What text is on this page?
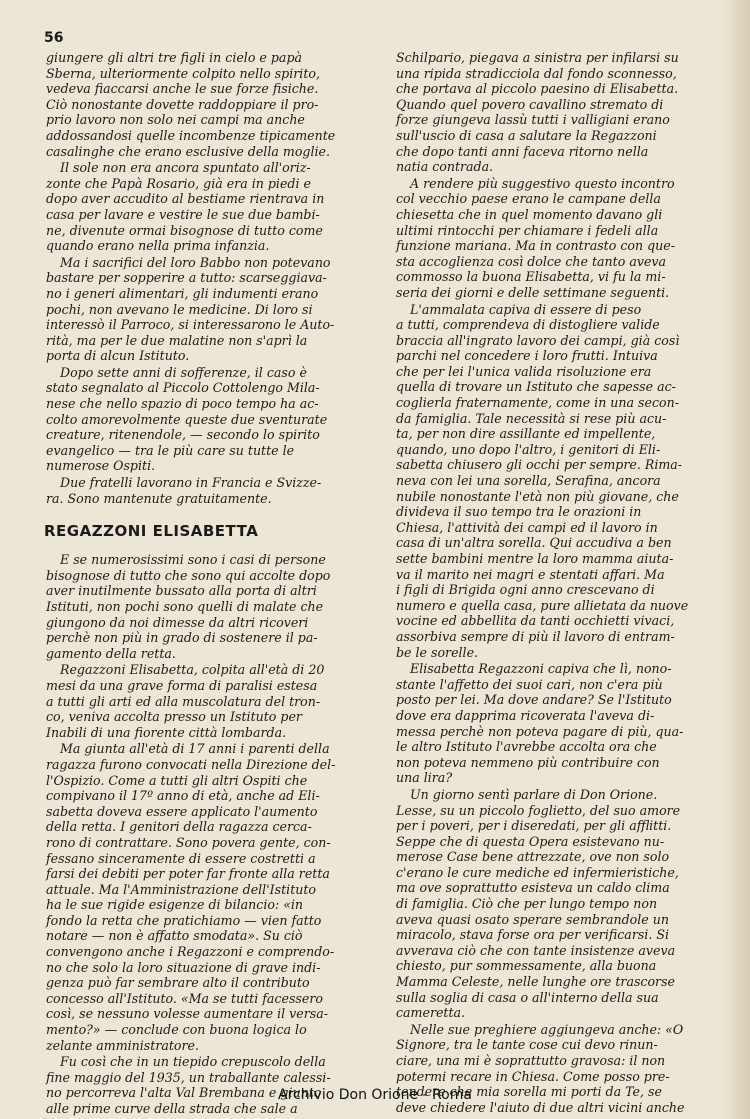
56

giungere gli altri tre figli in cielo e papà
Sberna, ulteriormente colpito nello spirito,
vedeva fiaccarsi anche le sue forze fisiche.
Ciò nonostante dovette raddoppiare il pro-
prio lavoro non solo nei campi ma anche
addossandosi quelle incombenze tipicamente
casalinghe che erano esclusive della moglie.

Il sole non era ancora spuntato all'oriz-
zonte che Papà Rosario, già era in piedi e
dopo aver accudito al bestiame rientrava in
casa per lavare e vestire le sue due bambi-
ne, divenute ormai bisognose di tutto come
quando erano nella prima infanzia.

Ma i sacrifici del loro Babbo non potevano
bastare per sopperire a tutto: scarseggiava-
no i generi alimentari, gli indumenti erano
pochi, non avevano le medicine. Di loro si
interessò il Parroco, si interessarono le Auto-
rità, ma per le due malatine non s'aprì la
porta di alcun Istituto.

Dopo sette anni di sofferenze, il caso è
stato segnalato al Piccolo Cottolengo Mila-
nese che nello spazio di poco tempo ha ac-
colto amorevolmente queste due sventurate
creature, ritenendole, — secondo lo spirito
evangelico — tra le più care su tutte le
numerose Ospiti.

Due fratelli lavorano in Francia e Svizze-
ra. Sono mantenute gratuitamente.

REGAZZONI ELISABETTA

E se numerosissimi sono i casi di persone
bisognose di tutto che sono qui accolte dopo
aver inutilmente bussato alla porta di altri
Istituti, non pochi sono quelli di malate che
giungono da noi dimesse da altri ricoveri
perchè non più in grado di sostenere il pa-
gamento della retta.

Regazzoni Elisabetta, colpita all'età di 20
mesi da una grave forma di paralisi estesa
a tutti gli arti ed alla muscolatura del tron-
co, veniva accolta presso un Istituto per
Inabili di una fiorente città lombarda.

Ma giunta all'età di 17 anni i parenti della
ragazza furono convocati nella Direzione del-
l'Ospizio. Come a tutti gli altri Ospiti che
compivano il 17º anno di età, anche ad Eli-
sabetta doveva essere applicato l'aumento
della retta. I genitori della ragazza cerca-
rono di contrattare. Sono povera gente, con-
fessano sinceramente di essere costretti a
farsi dei debiti per poter far fronte alla retta
attuale. Ma l'Amministrazione dell'Istituto
ha le sue rigide esigenze di bilancio: «in
fondo la retta che pratichiamo — vien fatto
notare — non è affatto smodata». Su ciò
convengono anche i Regazzoni e comprendo-
no che solo la loro situazione di grave indi-
genza può far sembrare alto il contributo
concesso all'Istituto. «Ma se tutti facessero
così, se nessuno volesse aumentare il versa-
mento?» — conclude con buona logica lo
zelante amministratore.

Fu così che in un tiepido crepuscolo della
fine maggio del 1935, un traballante calessi-
no percorreva l'alta Val Brembana e giunto
alle prime curve della strada che sale a

Schilpario, piegava a sinistra per infilarsi su
una ripida stradicciola dal fondo sconnesso,
che portava al piccolo paesino di Elisabetta.
Quando quel povero cavallino stremato di
forze giungeva lassù tutti i valligiani erano
sull'uscio di casa a salutare la Regazzoni
che dopo tanti anni faceva ritorno nella
natia contrada.

A rendere più suggestivo questo incontro
col vecchio paese erano le campane della
chiesetta che in quel momento davano gli
ultimi rintocchi per chiamare i fedeli alla
funzione mariana. Ma in contrasto con que-
sta accoglienza così dolce che tanto aveva
commosso la buona Elisabetta, vi fu la mi-
seria dei giorni e delle settimane seguenti.

L'ammalata capiva di essere di peso
a tutti, comprendeva di distogliere valide
braccia all'ingrato lavoro dei campi, già così
parchi nel concedere i loro frutti. Intuiva
che per lei l'unica valida risoluzione era
quella di trovare un Istituto che sapesse ac-
coglierla fraternamente, come in una secon-
da famiglia. Tale necessità si rese più acu-
ta, per non dire assillante ed impellente,
quando, uno dopo l'altro, i genitori di Eli-
sabetta chiusero gli occhi per sempre. Rima-
neva con lei una sorella, Serafina, ancora
nubile nonostante l'età non più giovane, che
divideva il suo tempo tra le orazioni in
Chiesa, l'attività dei campi ed il lavoro in
casa di un'altra sorella. Qui accudiva a ben
sette bambini mentre la loro mamma aiuta-
va il marito nei magri e stentati affari. Ma
i figli di Brigida ogni anno crescevano di
numero e quella casa, pure allietata da nuove
vocine ed abbellita da tanti occhietti vivaci,
assorbiva sempre di più il lavoro di entram-
be le sorelle.

Elisabetta Regazzoni capiva che lì, nono-
stante l'affetto dei suoi cari, non c'era più
posto per lei. Ma dove andare? Se l'Istituto
dove era dapprima ricoverata l'aveva di-
messa perchè non poteva pagare di più, qua-
le altro Istituto l'avrebbe accolta ora che
non poteva nemmeno più contribuire con
una lira?

Un giorno sentì parlare di Don Orione.
Lesse, su un piccolo foglietto, del suo amore
per i poveri, per i diseredati, per gli afflitti.
Seppe che di questa Opera esistevano nu-
merose Case bene attrezzate, ove non solo
c'erano le cure mediche ed infermieristiche,
ma ove soprattutto esisteva un caldo clima
di famiglia. Ciò che per lungo tempo non
aveva quasi osato sperare sembrandole un
miracolo, stava forse ora per verificarsi. Si
avverava ciò che con tante insistenze aveva
chiesto, pur sommessamente, alla buona
Mamma Celeste, nelle lunghe ore trascorse
sulla soglia di casa o all'interno della sua
cameretta.

Nelle sue preghiere aggiungeva anche: «O
Signore, tra le tante cose cui devo rinun-
ciare, una mi è soprattutto gravosa: il non
potermi recare in Chiesa. Come posso pre-
tendere che mia sorella mi porti da Te, se
deve chiedere l'aiuto di due altri vicini anche

Archivio Don Orione - Roma
